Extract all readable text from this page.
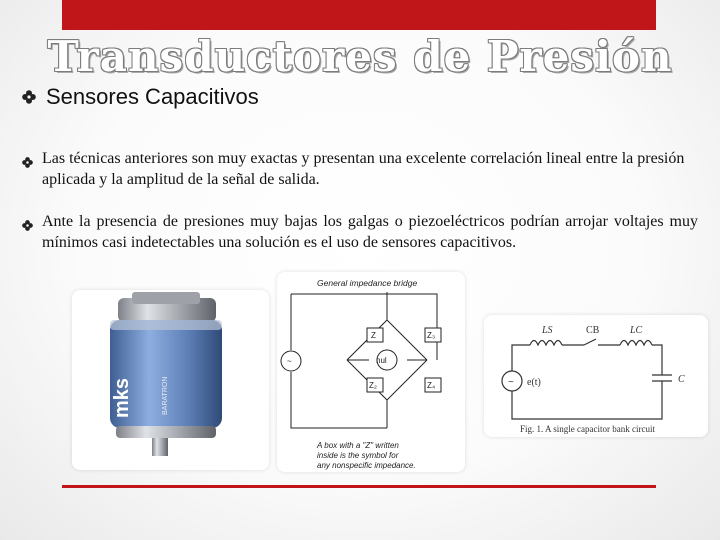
Transductores de Presión
Sensores Capacitivos
Las técnicas anteriores son muy exactas y presentan una excelente correlación lineal entre la presión aplicada y la amplitud de la señal de salida.
Ante la presencia de presiones muy bajas los galgas o piezoeléctricos podrían arrojar voltajes muy mínimos casi indetectables una solución es el uso de sensores capacitivos.
mks	BARATRON
General impedance bridge
~	nul
Z	Z₃
Z₂	Z₄
A box with a "Z" written
inside is the symbol for
any nonspecific impedance.
~ e(t)
LS	CB	LC
C
Fig. 1. A single capacitor bank circuit
